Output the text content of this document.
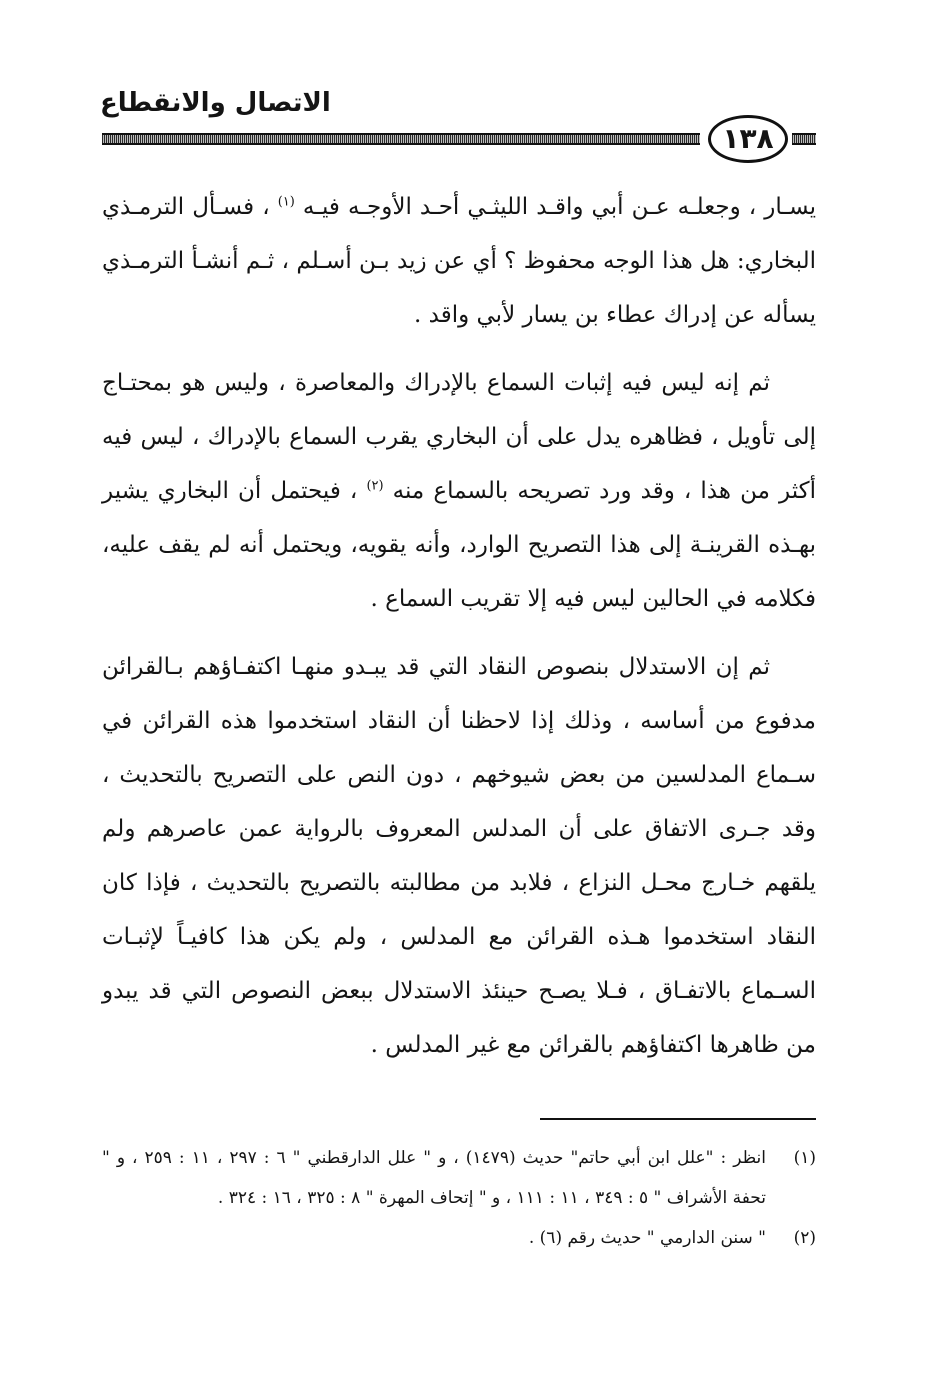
الاتصال والانقطاع
١٣٨

يسـار ، وجعلـه عـن أبي واقـد الليثـي أحـد الأوجـه فيـه $^{(١)}$ ، فسـأل الترمـذي البخاري: هل هذا الوجه محفوظ ؟ أي عن زيد بـن أسـلم ، ثـم أنشـأ الترمـذي يسأله عن إدراك عطاء بن يسار لأبي واقد .

ثم إنه ليس فيه إثبات السماع بالإدراك والمعاصرة ، وليس هو بمحتـاج إلى تأويل ، فظاهره يدل على أن البخاري يقرب السماع بالإدراك ، ليس فيه أكثر من هذا ، وقد ورد تصريحه بالسماع منه $^{(٢)}$ ، فيحتمل أن البخاري يشير بهـذه القرينـة إلى هذا التصريح الوارد، وأنه يقويه، ويحتمل أنه لم يقف عليه، فكلامه في الحالين ليس فيه إلا تقريب السماع .

ثم إن الاستدلال بنصوص النقاد التي قد يبـدو منهـا اكتفـاؤهم بـالقرائن مدفوع من أساسه ، وذلك إذا لاحظنا أن النقاد استخدموا هذه القرائن في سـماع المدلسين من بعض شيوخهم ، دون النص على التصريح بالتحديث ، وقد جـرى الاتفاق على أن المدلس المعروف بالرواية عمن عاصرهم ولم يلقهم خـارج محـل النزاع ، فلابد من مطالبته بالتصريح بالتحديث ، فإذا كان النقاد استخدموا هـذه القرائن مع المدلس ، ولم يكن هذا كافيـاً لإثبـات السـماع بالاتفـاق ، فـلا يصـح حينئذ الاستدلال ببعض النصوص التي قد يبدو من ظاهرها اكتفاؤهم بالقرائن مع غير المدلس .

(١)
انظر : "علل ابن أبي حاتم" حديث (١٤٧٩) ، و " علل الدارقطني " ٦ : ٢٩٧ ، ١١ : ٢٥٩ ، و " تحفة الأشراف " ٥ : ٣٤٩ ، ١١ : ١١١ ، و " إتحاف المهرة " ٨ : ٣٢٥ ، ١٦ : ٣٢٤ .
(٢)
" سنن الدارمي " حديث رقم (٦) .
